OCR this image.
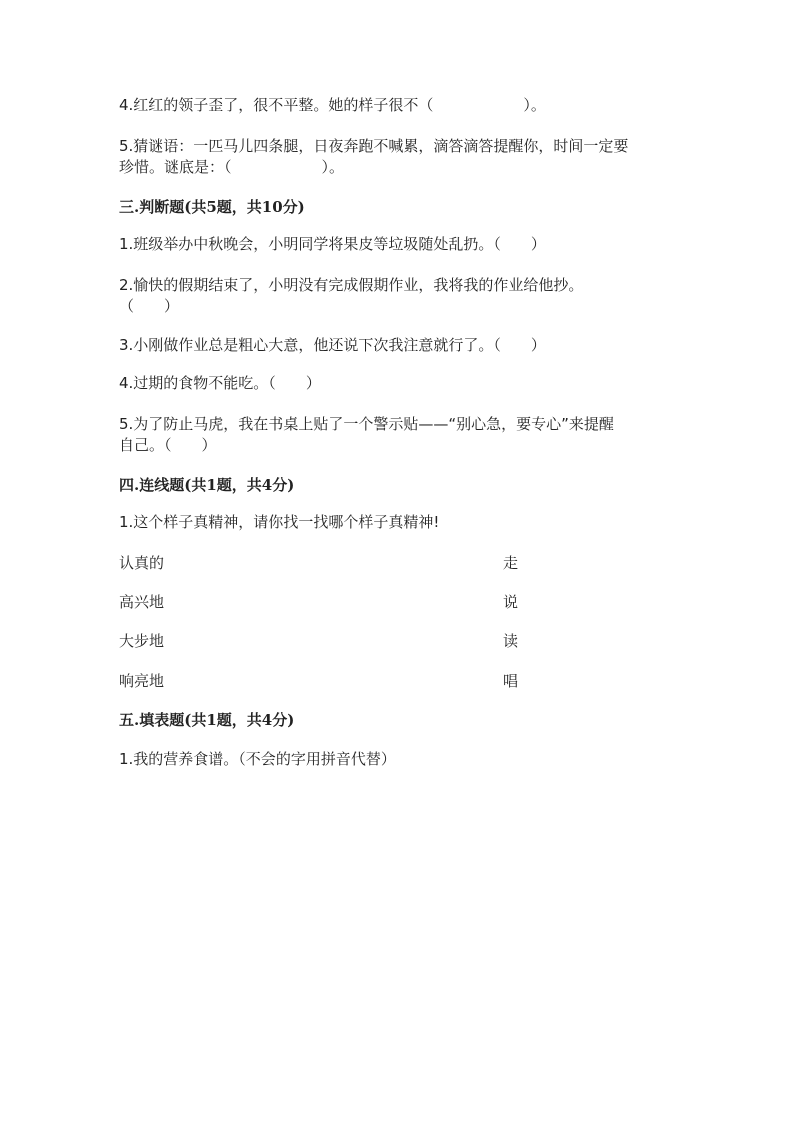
4.红红的领子歪了，很不平整。她的样子很不（　　　　　　）。
5.猜谜语：一匹马儿四条腿，日夜奔跑不喊累，滴答滴答提醒你，时间一定要
珍惜。谜底是：（　　　　　　）。
三.判断题(共5题，共10分)
1.班级举办中秋晚会，小明同学将果皮等垃圾随处乱扔。（　　）
2.愉快的假期结束了，小明没有完成假期作业，我将我的作业给他抄。
（　　）
3.小刚做作业总是粗心大意，他还说下次我注意就行了。（　　）
4.过期的食物不能吃。（　　）
5.为了防止马虎，我在书桌上贴了一个警示贴——“别心急，要专心”来提醒
自己。（　　）
四.连线题(共1题，共4分)
1.这个样子真精神，请你找一找哪个样子真精神!
认真的	走
高兴地	说
大步地	读
响亮地	唱
五.填表题(共1题，共4分)
1.我的营养食谱。（不会的字用拼音代替）
